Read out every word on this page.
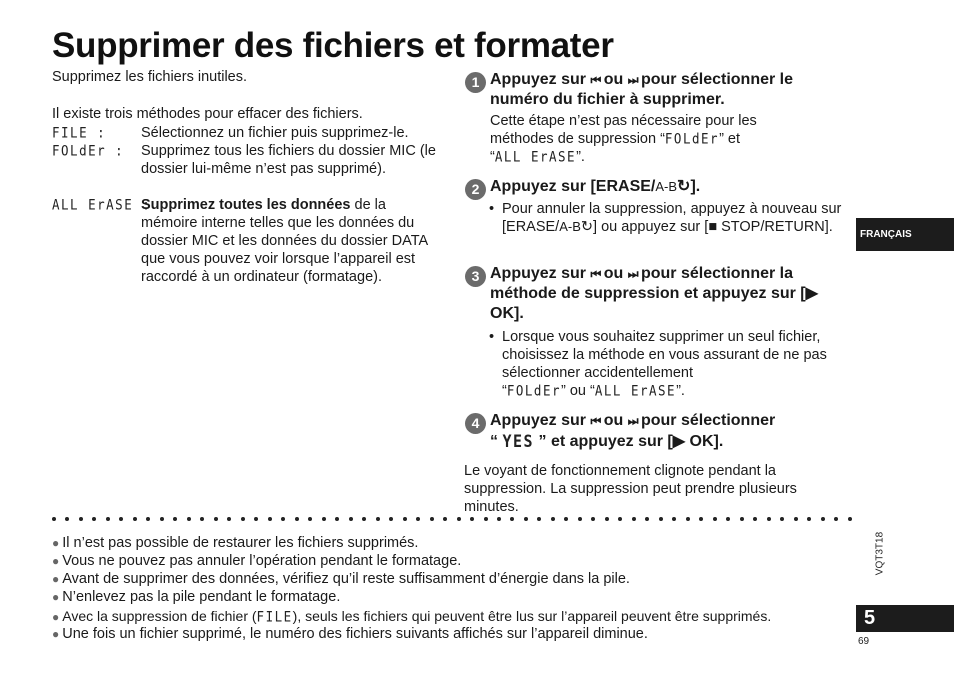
Supprimer des fichiers et formater
Supprimez les fichiers inutiles.
Il existe trois méthodes pour effacer des fichiers.
FILE : Sélectionnez un fichier puis supprimez-le.
FOLdEr : Supprimez tous les fichiers du dossier MIC (le dossier lui-même n’est pas supprimé).
ALL ErASE :
Supprimez toutes les données de la mémoire interne telles que les données du dossier MIC et les données du dossier DATA que vous pouvez voir lorsque l’appareil est raccordé à un ordinateur (formatage).
1 Appuyez sur ⏮ ou ⏭ pour sélectionner le numéro du fichier à supprimer.
Cette étape n’est pas nécessaire pour les méthodes de suppression “FOLdEr” et
“ALL ErASE”.
2 Appuyez sur [ERASE/A-B↻].
• Pour annuler la suppression, appuyez à nouveau sur [ERASE/A-B↻] ou appuyez sur [■ STOP/RETURN].
3 Appuyez sur ⏮ ou ⏭ pour sélectionner la méthode de suppression et appuyez sur [▶ OK].
• Lorsque vous souhaitez supprimer un seul fichier, choisissez la méthode en vous assurant de ne pas sélectionner accidentellement
“FOLdEr” ou “ALL ErASE”.
4 Appuyez sur ⏮ ou ⏭ pour sélectionner
“ YES ” et appuyez sur [▶ OK].
Le voyant de fonctionnement clignote pendant la suppression. La suppression peut prendre plusieurs minutes.
● Il n’est pas possible de restaurer les fichiers supprimés.
● Vous ne pouvez pas annuler l’opération pendant le formatage.
● Avant de supprimer des données, vérifiez qu’il reste suffisamment d’énergie dans la pile.
● N’enlevez pas la pile pendant le formatage.
● Avec la suppression de fichier (FILE), seuls les fichiers qui peuvent être lus sur l’appareil peuvent être supprimés.
● Une fois un fichier supprimé, le numéro des fichiers suivants affichés sur l’appareil diminue.
FRANÇAIS
VQT3T18
5
69
